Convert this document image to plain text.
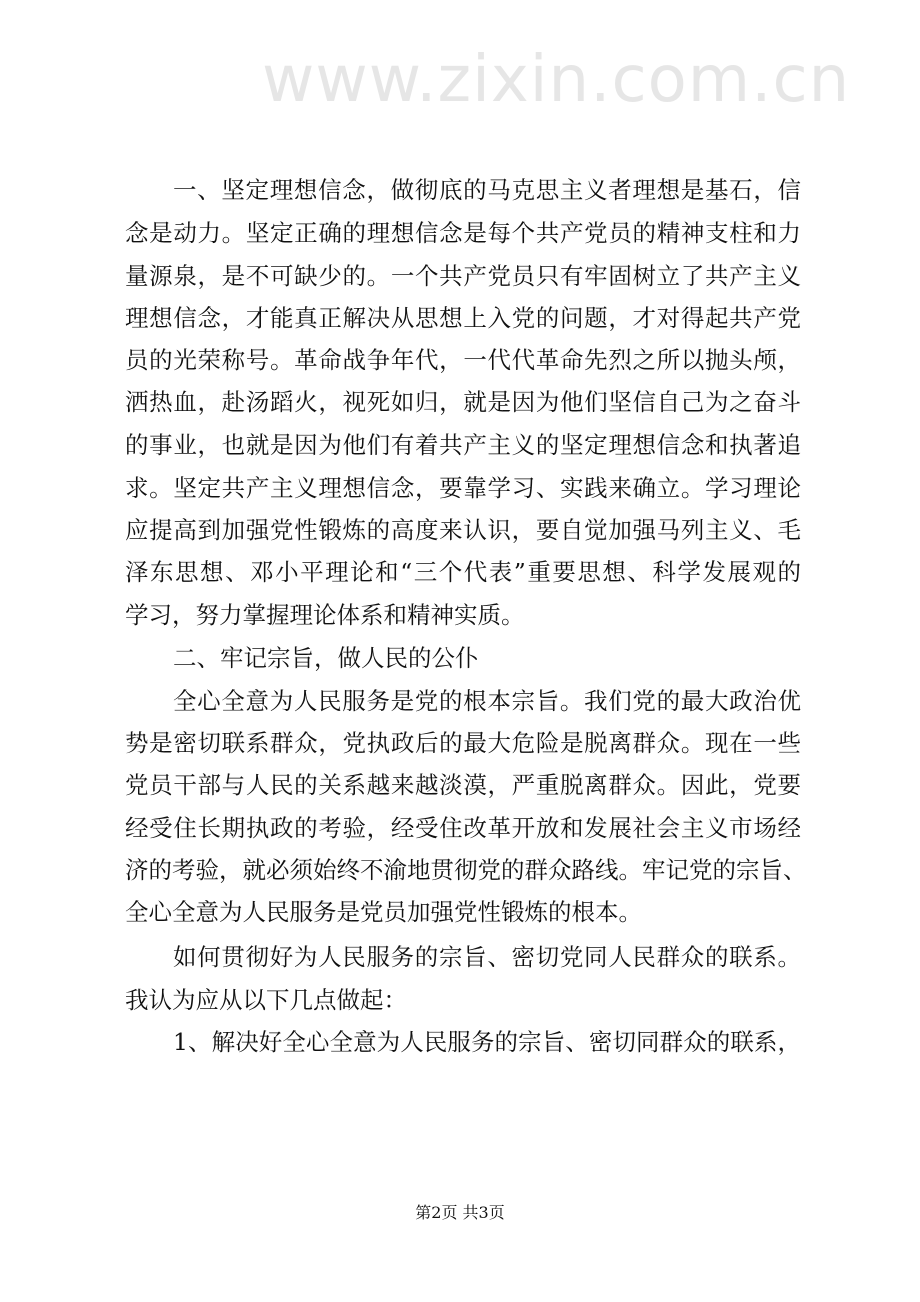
www.zixin.com.cn
一、坚定理想信念，做彻底的马克思主义者理想是基石，信
念是动力。坚定正确的理想信念是每个共产党员的精神支柱和力
量源泉，是不可缺少的。一个共产党员只有牢固树立了共产主义
理想信念，才能真正解决从思想上入党的问题，才对得起共产党
员的光荣称号。革命战争年代，一代代革命先烈之所以抛头颅，
洒热血，赴汤蹈火，视死如归，就是因为他们坚信自己为之奋斗
的事业，也就是因为他们有着共产主义的坚定理想信念和执著追
求。坚定共产主义理想信念，要靠学习、实践来确立。学习理论
应提高到加强党性锻炼的高度来认识，要自觉加强马列主义、毛
泽东思想、邓小平理论和“三个代表”重要思想、科学发展观的
学习，努力掌握理论体系和精神实质。
二、牢记宗旨，做人民的公仆
全心全意为人民服务是党的根本宗旨。我们党的最大政治优
势是密切联系群众，党执政后的最大危险是脱离群众。现在一些
党员干部与人民的关系越来越淡漠，严重脱离群众。因此，党要
经受住长期执政的考验，经受住改革开放和发展社会主义市场经
济的考验，就必须始终不渝地贯彻党的群众路线。牢记党的宗旨、
全心全意为人民服务是党员加强党性锻炼的根本。
如何贯彻好为人民服务的宗旨、密切党同人民群众的联系。
我认为应从以下几点做起：
1、解决好全心全意为人民服务的宗旨、密切同群众的联系，
第2页 共3页
